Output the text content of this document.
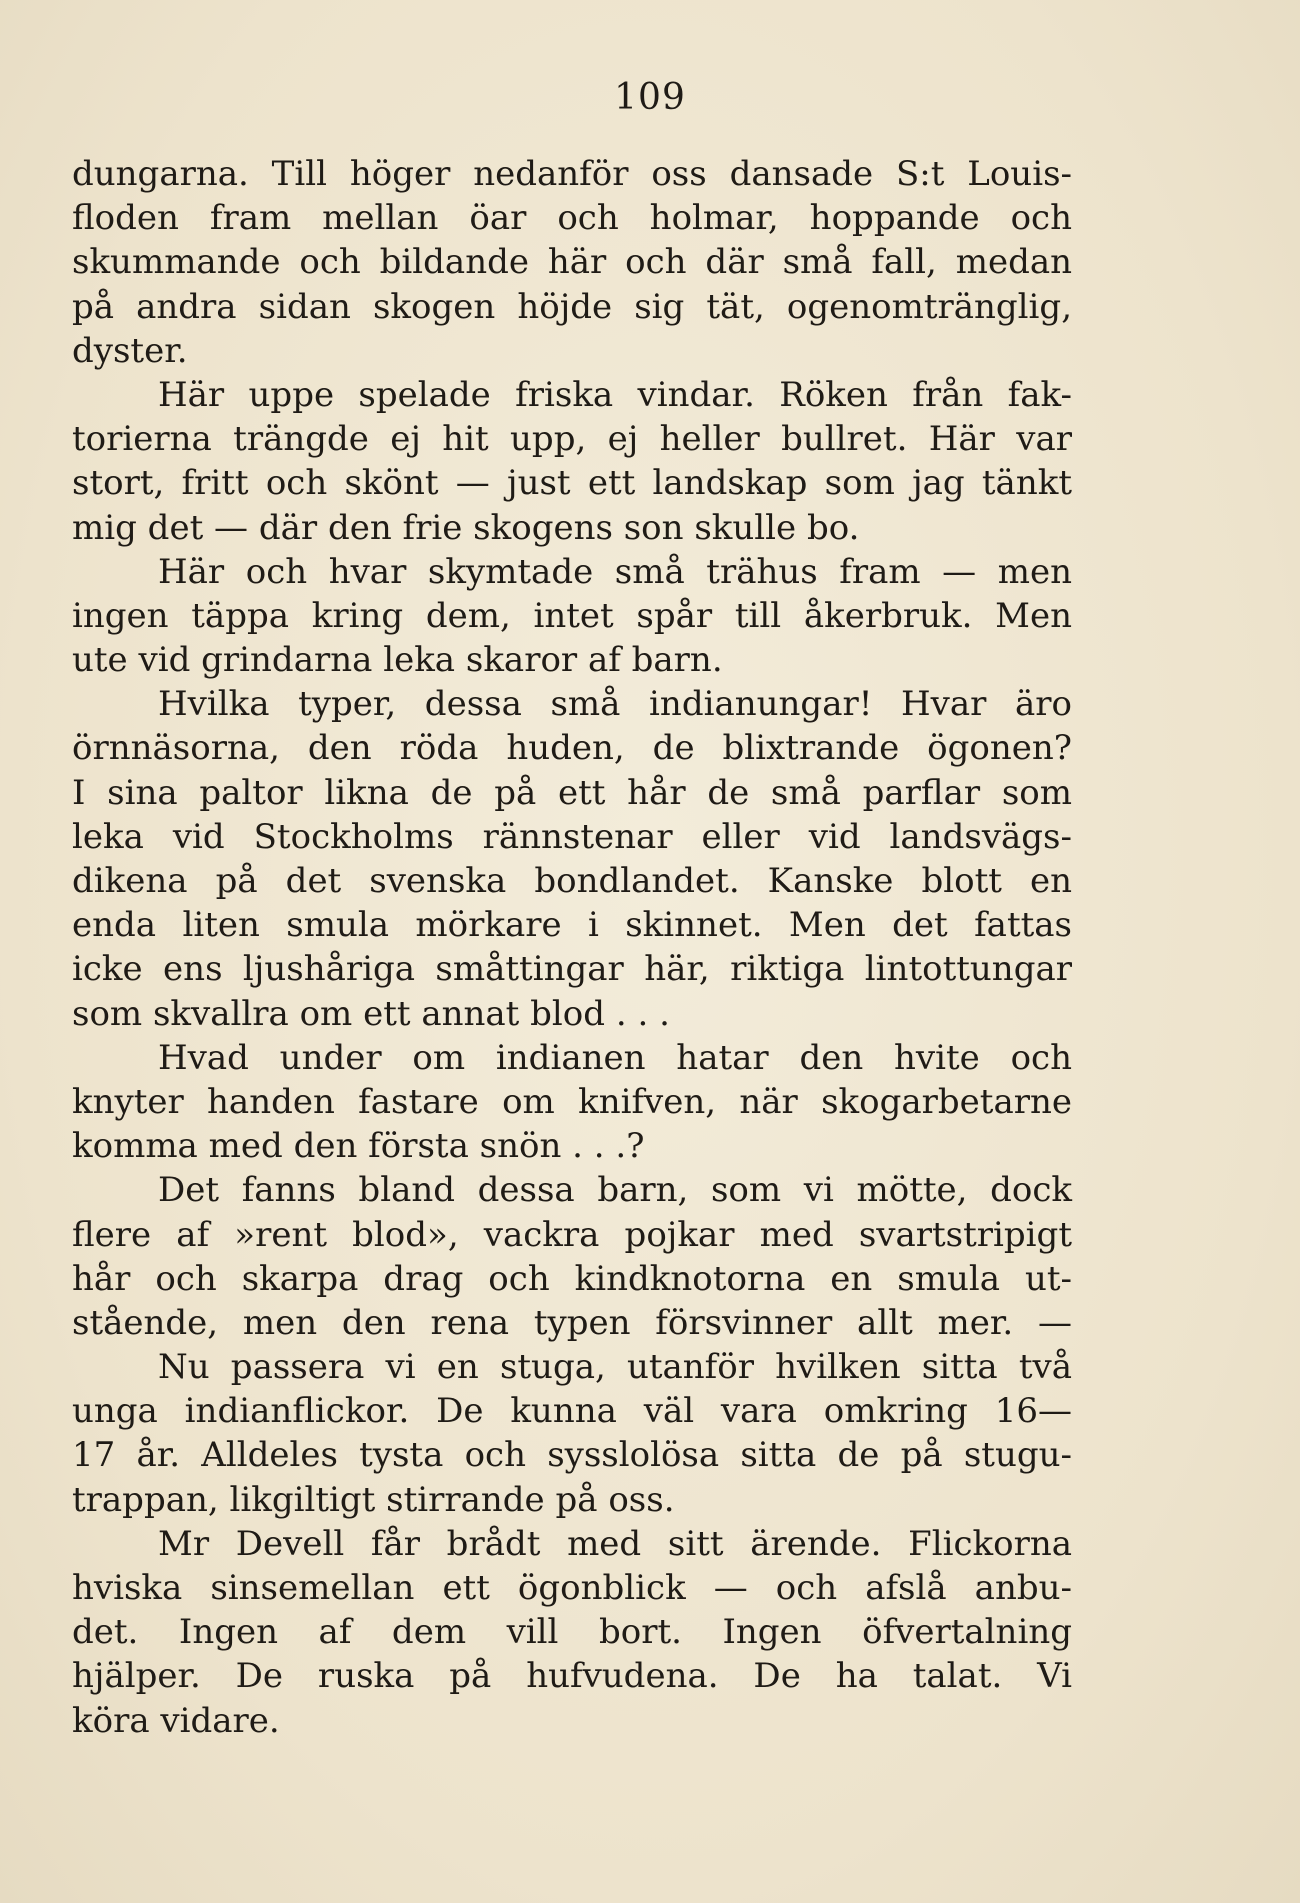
109
dungarna. Till höger nedanför oss dansade S:t Louis-
floden fram mellan öar och holmar, hoppande och
skummande och bildande här och där små fall, medan
på andra sidan skogen höjde sig tät, ogenomtränglig,
dyster.
Här uppe spelade friska vindar. Röken från fak-
torierna trängde ej hit upp, ej heller bullret. Här var
stort, fritt och skönt — just ett landskap som jag tänkt
mig det — där den frie skogens son skulle bo.
Här och hvar skymtade små trähus fram — men
ingen täppa kring dem, intet spår till åkerbruk. Men
ute vid grindarna leka skaror af barn.
Hvilka typer, dessa små indianungar! Hvar äro
örnnäsorna, den röda huden, de blixtrande ögonen?
I sina paltor likna de på ett hår de små parflar som
leka vid Stockholms rännstenar eller vid landsvägs-
dikena på det svenska bondlandet. Kanske blott en
enda liten smula mörkare i skinnet. Men det fattas
icke ens ljushåriga småttingar här, riktiga lintottungar
som skvallra om ett annat blod . . .
Hvad under om indianen hatar den hvite och
knyter handen fastare om knifven, när skogarbetarne
komma med den första snön . . .?
Det fanns bland dessa barn, som vi mötte, dock
flere af »rent blod», vackra pojkar med svartstripigt
hår och skarpa drag och kindknotorna en smula ut-
stående, men den rena typen försvinner allt mer. —
Nu passera vi en stuga, utanför hvilken sitta två
unga indianflickor. De kunna väl vara omkring 16—
17 år. Alldeles tysta och sysslolösa sitta de på stugu-
trappan, likgiltigt stirrande på oss.
Mr Devell får brådt med sitt ärende. Flickorna
hviska sinsemellan ett ögonblick — och afslå anbu-
det. Ingen af dem vill bort. Ingen öfvertalning
hjälper. De ruska på hufvudena. De ha talat. Vi
köra vidare.
